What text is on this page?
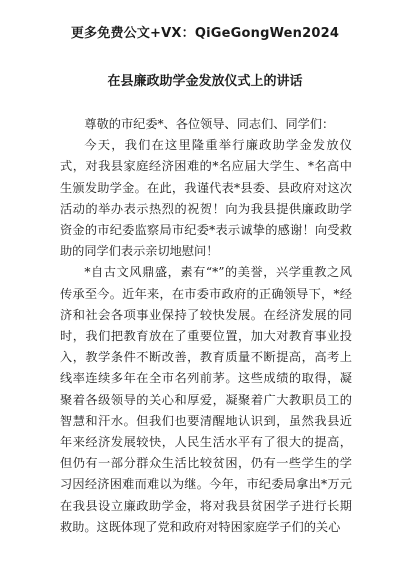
更多免费公文+VX：QiGeGongWen2024
在县廉政助学金发放仪式上的讲话

尊敬的市纪委*、各位领导、同志们、同学们：

今天，我们在这里隆重举行廉政助学金发放仪式，对我县家庭经济困难的*名应届大学生、*名高中生颁发助学金。在此，我谨代表*县委、县政府对这次活动的举办表示热烈的祝贺！向为我县提供廉政助学资金的市纪委监察局市纪委*表示诚挚的感谢！向受救助的同学们表示亲切地慰问！

*自古文风鼎盛，素有“*”的美誉，兴学重教之风传承至今。近年来，在市委市政府的正确领导下，*经济和社会各项事业保持了较快发展。在经济发展的同时，我们把教育放在了重要位置，加大对教育事业投入，教学条件不断改善，教育质量不断提高，高考上线率连续多年在全市名列前茅。这些成绩的取得，凝聚着各级领导的关心和厚爱，凝聚着广大教职员工的智慧和汗水。但我们也要清醒地认识到，虽然我县近年来经济发展较快，人民生活水平有了很大的提高，但仍有一部分群众生活比较贫困，仍有一些学生的学习因经济困难而难以为继。今年，市纪委局拿出*万元在我县设立廉政助学金，将对我县贫困学子进行长期救助。这既体现了党和政府对特困家庭学子们的关心
